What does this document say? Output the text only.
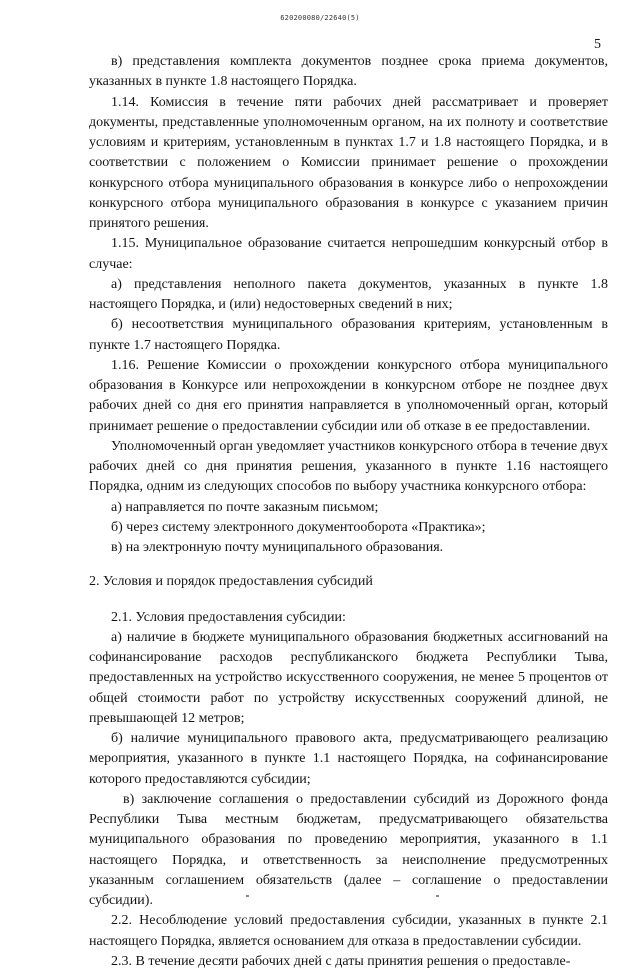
620200080/22640(5)
5

в) представления комплекта документов позднее срока приема документов, указанных в пункте 1.8 настоящего Порядка.

1.14. Комиссия в течение пяти рабочих дней рассматривает и проверяет документы, представленные уполномоченным органом, на их полноту и соответствие условиям и критериям, установленным в пунктах 1.7 и 1.8 настоящего Порядка, и в соответствии с положением о Комиссии принимает решение о прохождении конкурсного отбора муниципального образования в конкурсе либо о непрохождении конкурсного отбора муниципального образования в конкурсе с указанием причин принятого решения.

1.15. Муниципальное образование считается непрошедшим конкурсный отбор в случае:

а) представления неполного пакета документов, указанных в пункте 1.8 настоящего Порядка, и (или) недостоверных сведений в них;

б) несоответствия муниципального образования критериям, установленным в пункте 1.7 настоящего Порядка.

1.16. Решение Комиссии о прохождении конкурсного отбора муниципального образования в Конкурсе или непрохождении в конкурсном отборе не позднее двух рабочих дней со дня его принятия направляется в уполномоченный орган, который принимает решение о предоставлении субсидии или об отказе в ее предоставлении.

Уполномоченный орган уведомляет участников конкурсного отбора в течение двух рабочих дней со дня принятия решения, указанного в пункте 1.16 настоящего Порядка, одним из следующих способов по выбору участника конкурсного отбора:

а) направляется по почте заказным письмом;

б) через систему электронного документооборота «Практика»;

в) на электронную почту муниципального образования.

2. Условия и порядок предоставления субсидий

2.1. Условия предоставления субсидии:

а) наличие в бюджете муниципального образования бюджетных ассигнований на софинансирование расходов республиканского бюджета Республики Тыва, предоставленных на устройство искусственного сооружения, не менее 5 процентов от общей стоимости работ по устройству искусственных сооружений длиной, не превышающей 12 метров;

б) наличие муниципального правового акта, предусматривающего реализацию мероприятия, указанного в пункте 1.1 настоящего Порядка, на софинансирование которого предоставляются субсидии;

в) заключение соглашения о предоставлении субсидий из Дорожного фонда Республики Тыва местным бюджетам, предусматривающего обязательства муниципального образования по проведению мероприятия, указанного в 1.1 настоящего Порядка, и ответственность за неисполнение предусмотренных указанным соглашением обязательств (далее – соглашение о предоставлении субсидии).

2.2. Несоблюдение условий предоставления субсидии, указанных в пункте 2.1 настоящего Порядка, является основанием для отказа в предоставлении субсидии.

2.3. В течение десяти рабочих дней с даты принятия решения о предоставле-
